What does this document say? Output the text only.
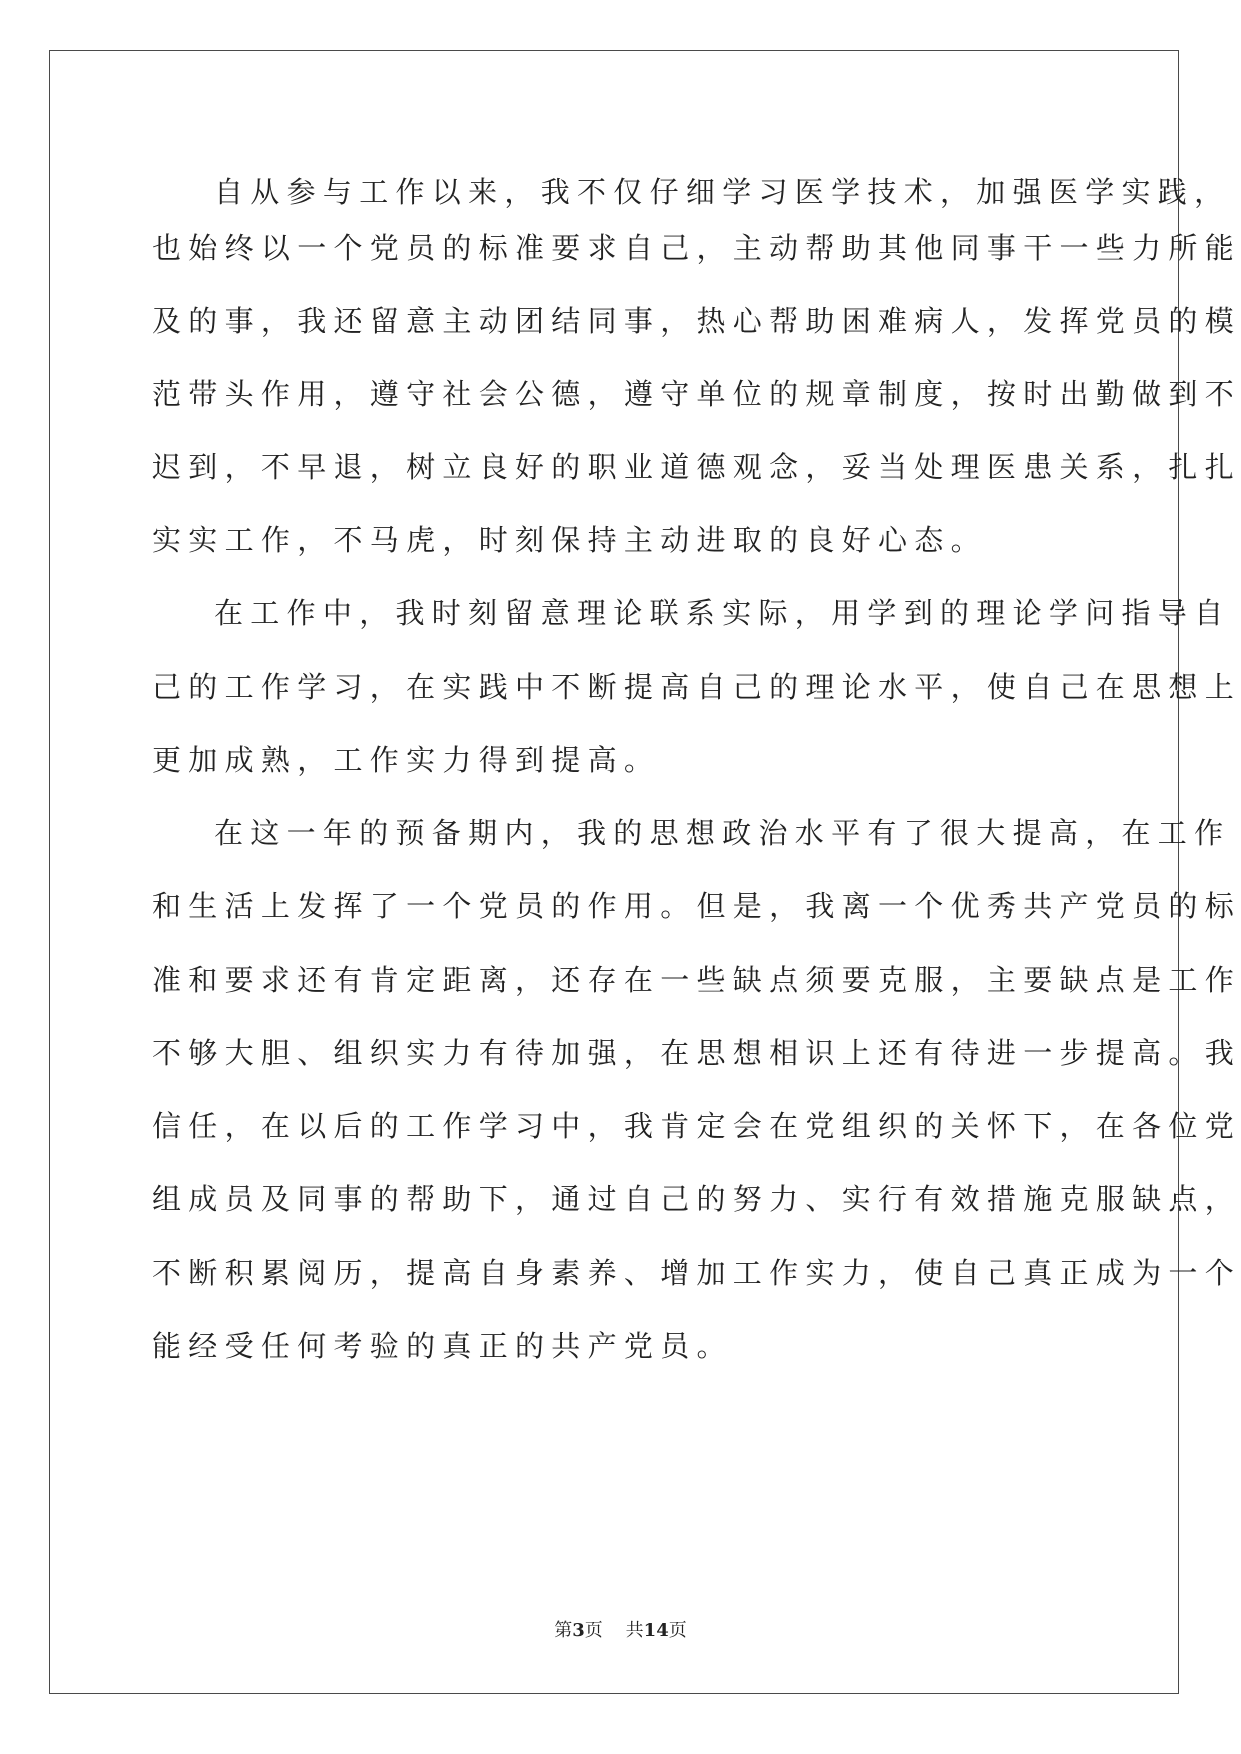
自从参与工作以来，我不仅仔细学习医学技术，加强医学实践，
也始终以一个党员的标准要求自己，主动帮助其他同事干一些力所能
及的事，我还留意主动团结同事，热心帮助困难病人，发挥党员的模
范带头作用，遵守社会公德，遵守单位的规章制度，按时出勤做到不
迟到，不早退，树立良好的职业道德观念，妥当处理医患关系，扎扎
实实工作，不马虎，时刻保持主动进取的良好心态。
在工作中，我时刻留意理论联系实际，用学到的理论学问指导自
己的工作学习，在实践中不断提高自己的理论水平，使自己在思想上
更加成熟，工作实力得到提高。
在这一年的预备期内，我的思想政治水平有了很大提高，在工作
和生活上发挥了一个党员的作用。但是，我离一个优秀共产党员的标
准和要求还有肯定距离，还存在一些缺点须要克服，主要缺点是工作
不够大胆、组织实力有待加强，在思想相识上还有待进一步提高。我
信任，在以后的工作学习中，我肯定会在党组织的关怀下，在各位党
组成员及同事的帮助下，通过自己的努力、实行有效措施克服缺点，
不断积累阅历，提高自身素养、增加工作实力，使自己真正成为一个
能经受任何考验的真正的共产党员。
第3页 共14页
